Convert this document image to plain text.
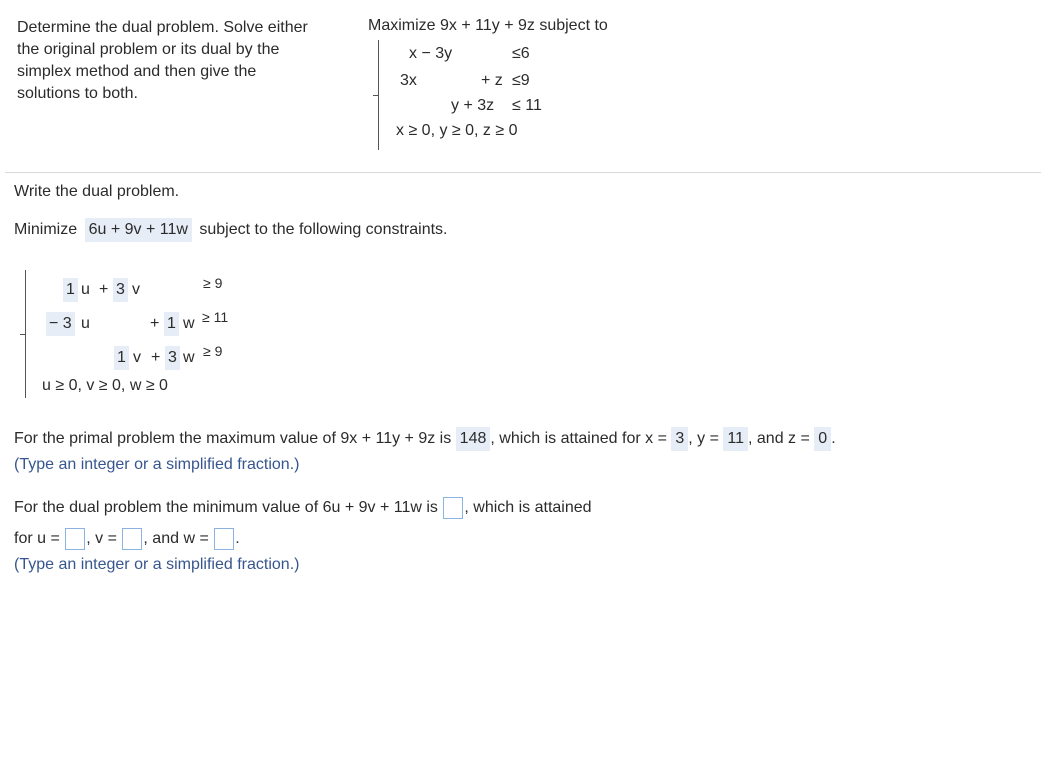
Determine the dual problem. Solve either the original problem or its dual by the simplex method and then give the solutions to both.
Maximize 9x + 11y + 9z subject to
x − 3y	≤6
3x	+ z ≤9
y + 3z ≤ 11
x ≥ 0, y ≥ 0, z ≥ 0
Write the dual problem.
Minimize 6u + 9v + 11w subject to the following constraints.
1 u + 3 v	≥ 9
− 3 u	+ 1 w ≥ 11
1 v + 3 w ≥ 9
u ≥ 0, v ≥ 0, w ≥ 0
For the primal problem the maximum value of 9x + 11y + 9z is 148 , which is attained for x = 3 , y = 11 , and z = 0 .
(Type an integer or a simplified fraction.)
For the dual problem the minimum value of 6u + 9v + 11w is , which is attained
for u = , v = , and w = .
(Type an integer or a simplified fraction.)
